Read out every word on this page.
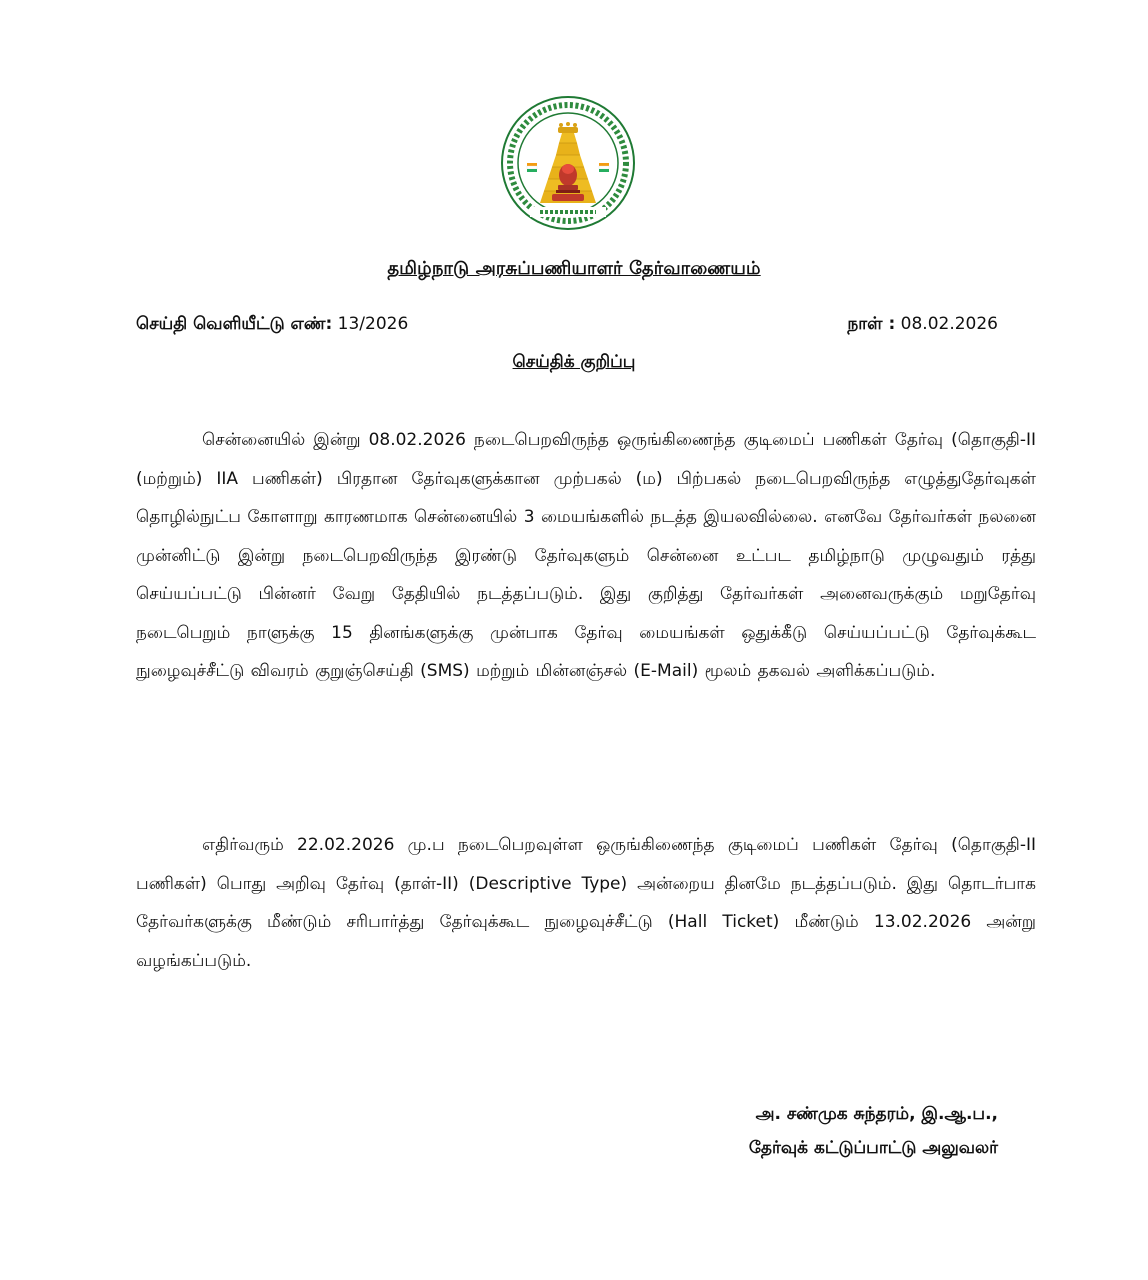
தமிழ்நாடு அரசுப்பணியாளர் தேர்வாணையம்
செய்தி வெளியீட்டு எண்: 13/2026	நாள் : 08.02.2026
செய்திக் குறிப்பு

சென்னையில் இன்று 08.02.2026 நடைபெறவிருந்த ஒருங்கிணைந்த குடிமைப் பணிகள் தேர்வு (தொகுதி-II (மற்றும்) IIA பணிகள்) பிரதான தேர்வுகளுக்கான முற்பகல் (ம) பிற்பகல் நடைபெறவிருந்த எழுத்துதேர்வுகள் தொழில்நுட்ப கோளாறு காரணமாக சென்னையில் 3 மையங்களில் நடத்த இயலவில்லை. எனவே தேர்வர்கள் நலனை முன்னிட்டு இன்று நடைபெறவிருந்த இரண்டு தேர்வுகளும் சென்னை உட்பட தமிழ்நாடு முழுவதும் ரத்து செய்யப்பட்டு பின்னர் வேறு தேதியில் நடத்தப்படும். இது குறித்து தேர்வர்கள் அனைவருக்கும் மறுதேர்வு நடைபெறும் நாளுக்கு 15 தினங்களுக்கு முன்பாக தேர்வு மையங்கள் ஒதுக்கீடு செய்யப்பட்டு தேர்வுக்கூட நுழைவுச்சீட்டு விவரம் குறுஞ்செய்தி (SMS) மற்றும் மின்னஞ்சல் (E-Mail) மூலம் தகவல் அளிக்கப்படும்.

எதிர்வரும் 22.02.2026 மு.ப நடைபெறவுள்ள ஒருங்கிணைந்த குடிமைப் பணிகள் தேர்வு (தொகுதி-II பணிகள்) பொது அறிவு தேர்வு (தாள்-II) (Descriptive Type) அன்றைய தினமே நடத்தப்படும். இது தொடர்பாக தேர்வர்களுக்கு மீண்டும் சரிபார்த்து தேர்வுக்கூட நுழைவுச்சீட்டு (Hall Ticket) மீண்டும் 13.02.2026 அன்று வழங்கப்படும்.

அ. சண்முக சுந்தரம், இ.ஆ.ப.,
தேர்வுக் கட்டுப்பாட்டு அலுவலர்
